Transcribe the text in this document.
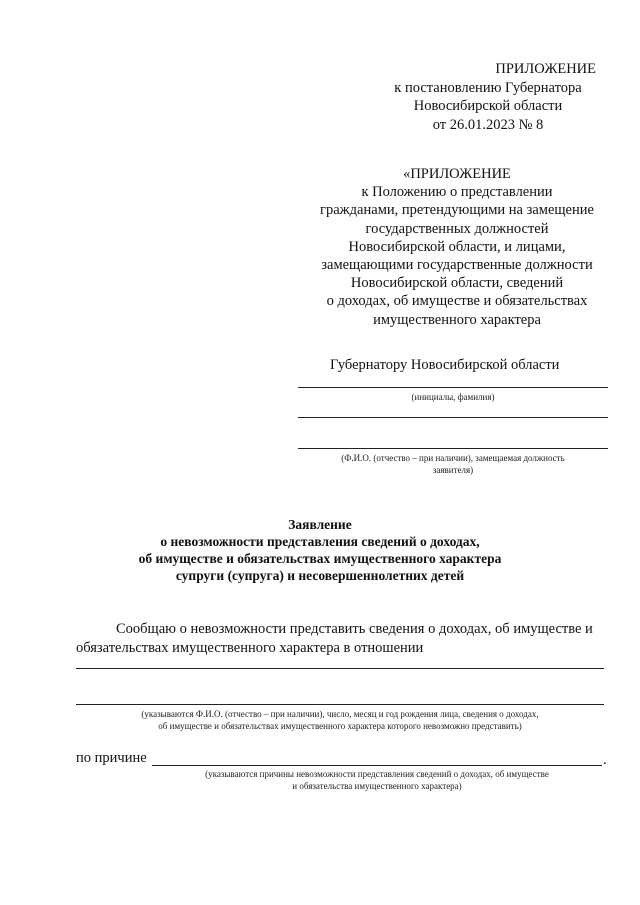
ПРИЛОЖЕНИЕ
к постановлению Губернатора
Новосибирской области
от 26.01.2023 № 8
«ПРИЛОЖЕНИЕ
к Положению о представлении
гражданами, претендующими на замещение
государственных должностей
Новосибирской области, и лицами,
замещающими государственные должности
Новосибирской области, сведений
о доходах, об имуществе и обязательствах
имущественного характера
Губернатору Новосибирской области
(инициалы, фамилия)
(Ф.И.О. (отчество – при наличии), замещаемая должность
заявителя)
Заявление
о невозможности представления сведений о доходах,
об имуществе и обязательствах имущественного характера
супруги (супруга) и несовершеннолетних детей
Сообщаю о невозможности представить сведения о доходах, об имуществе и
обязательствах имущественного характера в отношении
(указываются Ф.И.О. (отчество – при наличии), число, месяц и год рождения лица, сведения о доходах,
об имуществе и обязательствах имущественного характера которого невозможно представить)
по причине	.
(указываются причины невозможности представления сведений о доходах, об имуществе
и обязательства имущественного характера)
